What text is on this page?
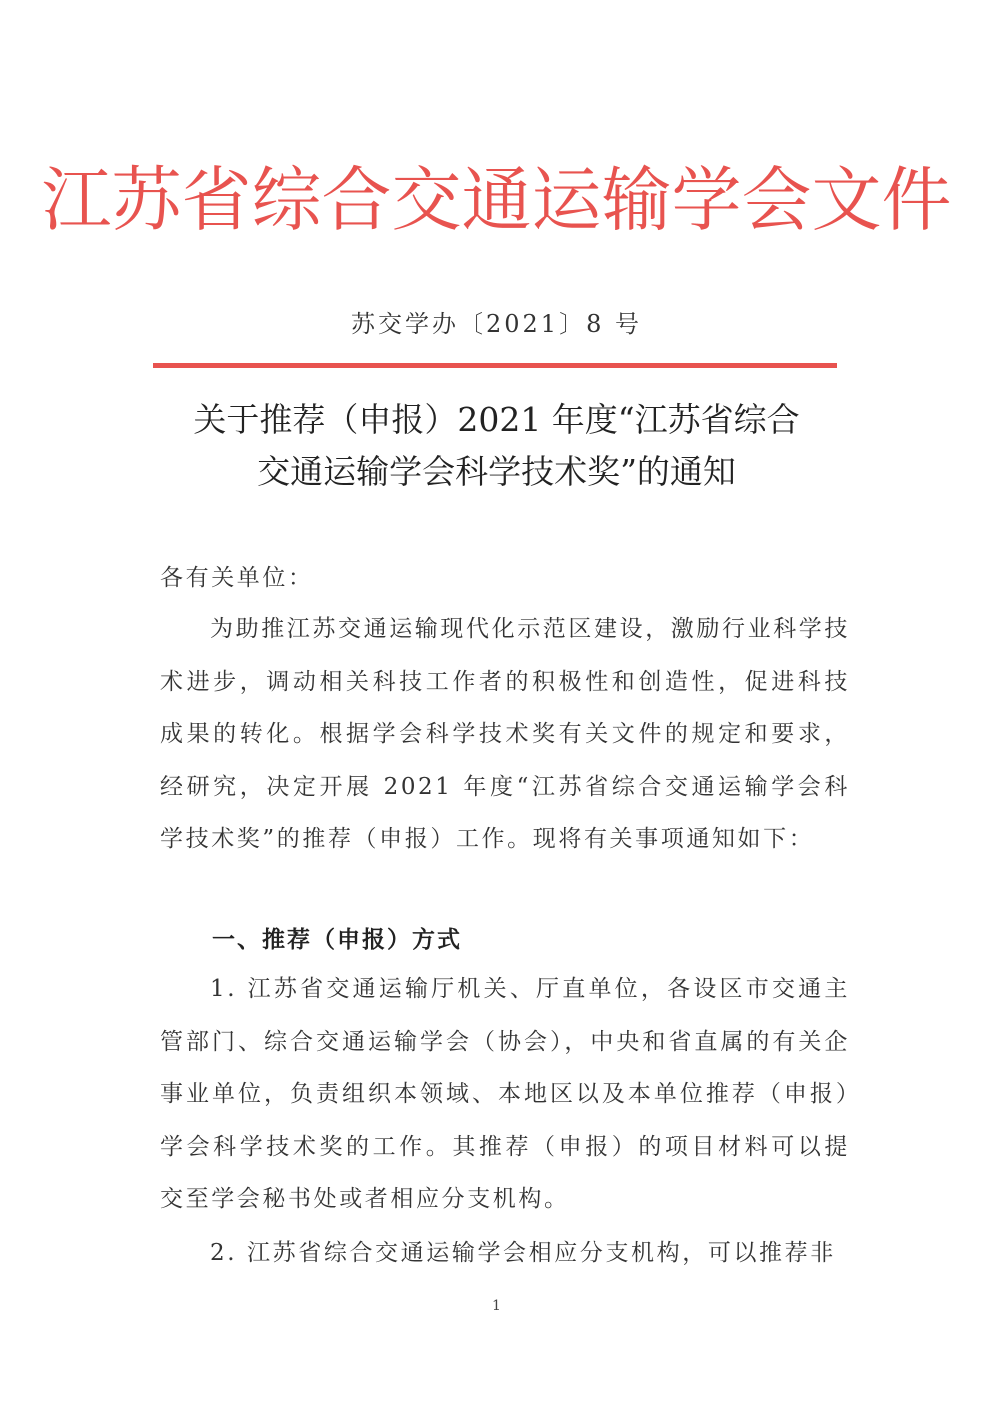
江苏省综合交通运输学会文件
苏交学办〔2021〕8 号
关于推荐（申报）2021 年度“江苏省综合
交通运输学会科学技术奖”的通知
各有关单位：
为助推江苏交通运输现代化示范区建设，激励行业科学技术进步，调动相关科技工作者的积极性和创造性，促进科技成果的转化。根据学会科学技术奖有关文件的规定和要求，经研究，决定开展 2021 年度“江苏省综合交通运输学会科学技术奖”的推荐（申报）工作。现将有关事项通知如下：
一、推荐（申报）方式
1. 江苏省交通运输厅机关、厅直单位，各设区市交通主管部门、综合交通运输学会（协会），中央和省直属的有关企事业单位，负责组织本领域、本地区以及本单位推荐（申报）学会科学技术奖的工作。其推荐（申报）的项目材料可以提交至学会秘书处或者相应分支机构。
2. 江苏省综合交通运输学会相应分支机构，可以推荐非
1
